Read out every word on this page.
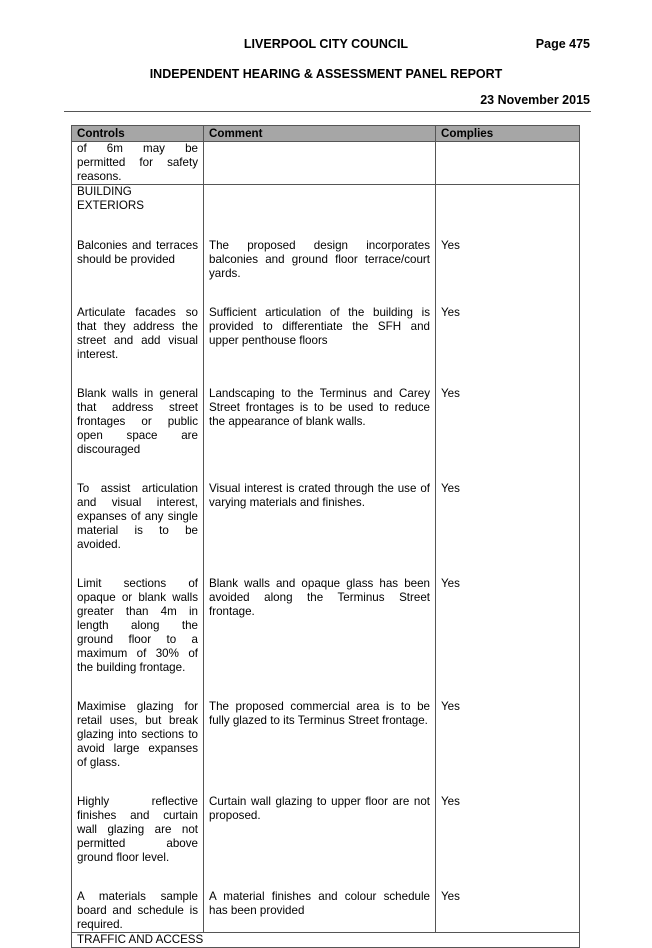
LIVERPOOL CITY COUNCIL	Page 475
INDEPENDENT HEARING & ASSESSMENT PANEL REPORT
23 November 2015
Controls	Comment	Complies
of 6m may be permitted for safety reasons.		
BUILDING EXTERIORS		
Balconies and terraces should be provided	The proposed design incorporates balconies and ground floor terrace/court yards.	Yes
Articulate facades so that they address the street and add visual interest.	Sufficient articulation of the building is provided to differentiate the SFH and upper penthouse floors	Yes
Blank walls in general that address street frontages or public open space are discouraged	Landscaping to the Terminus and Carey Street frontages is to be used to reduce the appearance of blank walls.	Yes
To assist articulation and visual interest, expanses of any single material is to be avoided.	Visual interest is crated through the use of varying materials and finishes.	Yes
Limit sections of opaque or blank walls greater than 4m in length along the ground floor to a maximum of 30% of the building frontage.	Blank walls and opaque glass has been avoided along the Terminus Street frontage.	Yes
Maximise glazing for retail uses, but break glazing into sections to avoid large expanses of glass.	The proposed commercial area is to be fully glazed to its Terminus Street frontage.	Yes
Highly reflective finishes and curtain wall glazing are not permitted above ground floor level.	Curtain wall glazing to upper floor are not proposed.	Yes
A materials sample board and schedule is required.	A material finishes and colour schedule has been provided	Yes
TRAFFIC AND ACCESS		
